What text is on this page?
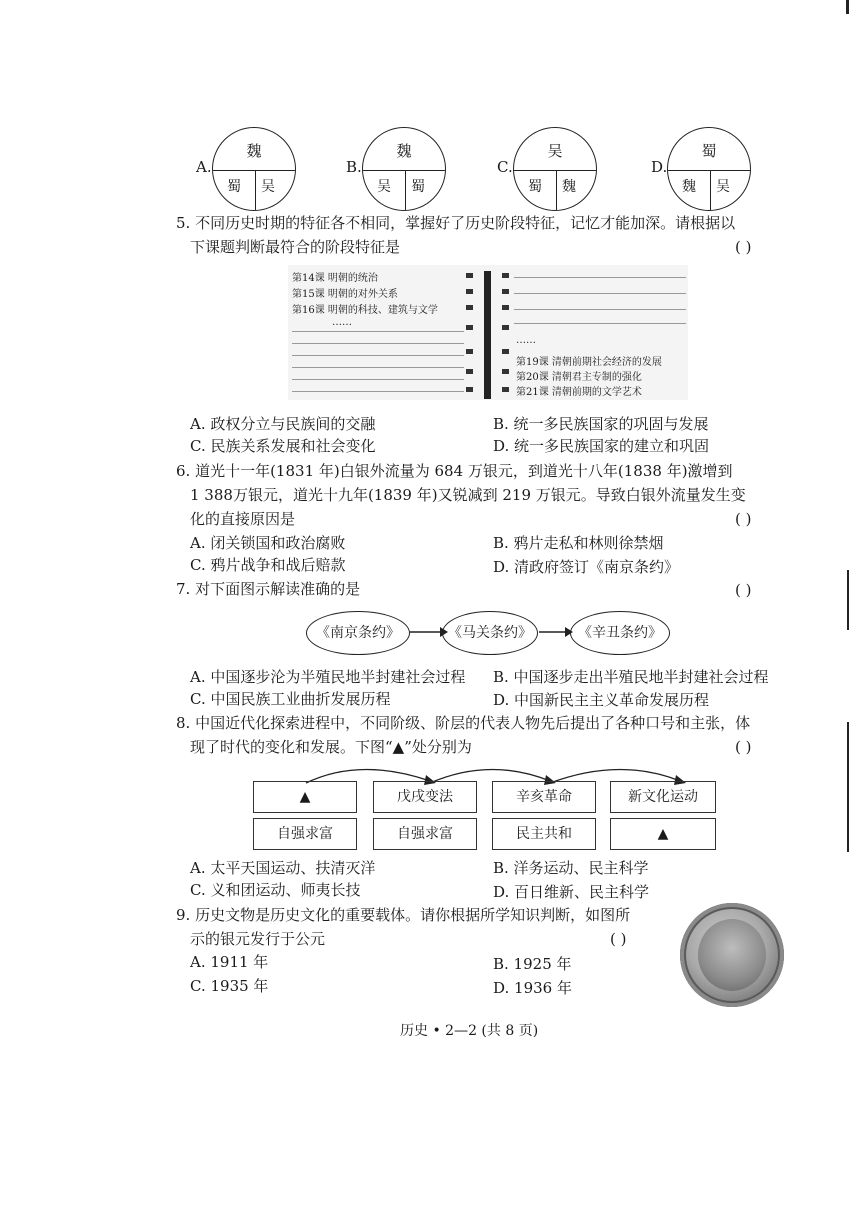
A.
魏
蜀 吴
B.
魏
吴 蜀
C.
吴
蜀 魏
D.
蜀
魏 吴
5. 不同历史时期的特征各不相同，掌握好了历史阶段特征，记忆才能加深。请根据以
下课题判断最符合的阶段特征是	( )
第14课 明朝的统治
第15课 明朝的对外关系
第16课 明朝的科技、建筑与文学
……
……
第19课 清朝前期社会经济的发展
第20课 清朝君主专制的强化
第21课 清朝前期的文学艺术
A. 政权分立与民族间的交融	B. 统一多民族国家的巩固与发展
C. 民族关系发展和社会变化	D. 统一多民族国家的建立和巩固
6. 道光十一年(1831 年)白银外流量为 684 万银元，到道光十八年(1838 年)激增到
1 388万银元，道光十九年(1839 年)又锐减到 219 万银元。导致白银外流量发生变
化的直接原因是	( )
A. 闭关锁国和政治腐败	B. 鸦片走私和林则徐禁烟
C. 鸦片战争和战后赔款	D. 清政府签订《南京条约》
7. 对下面图示解读准确的是	( )
《南京条约》	《马关条约》	《辛丑条约》
A. 中国逐步沦为半殖民地半封建社会过程 B. 中国逐步走出半殖民地半封建社会过程
C. 中国民族工业曲折发展历程	D. 中国新民主主义革命发展历程
8. 中国近代化探索进程中，不同阶级、阶层的代表人物先后提出了各种口号和主张，体
现了时代的变化和发展。下图“▲”处分别为	( )
▲	戊戌变法	辛亥革命	新文化运动
自强求富	自强求富	民主共和	▲
A. 太平天国运动、扶清灭洋	B. 洋务运动、民主科学
C. 义和团运动、师夷长技	D. 百日维新、民主科学
9. 历史文物是历史文化的重要载体。请你根据所学知识判断，如图所
示的银元发行于公元	( )
A. 1911 年	B. 1925 年
C. 1935 年	D. 1936 年
历史 • 2—2 (共 8 页)
